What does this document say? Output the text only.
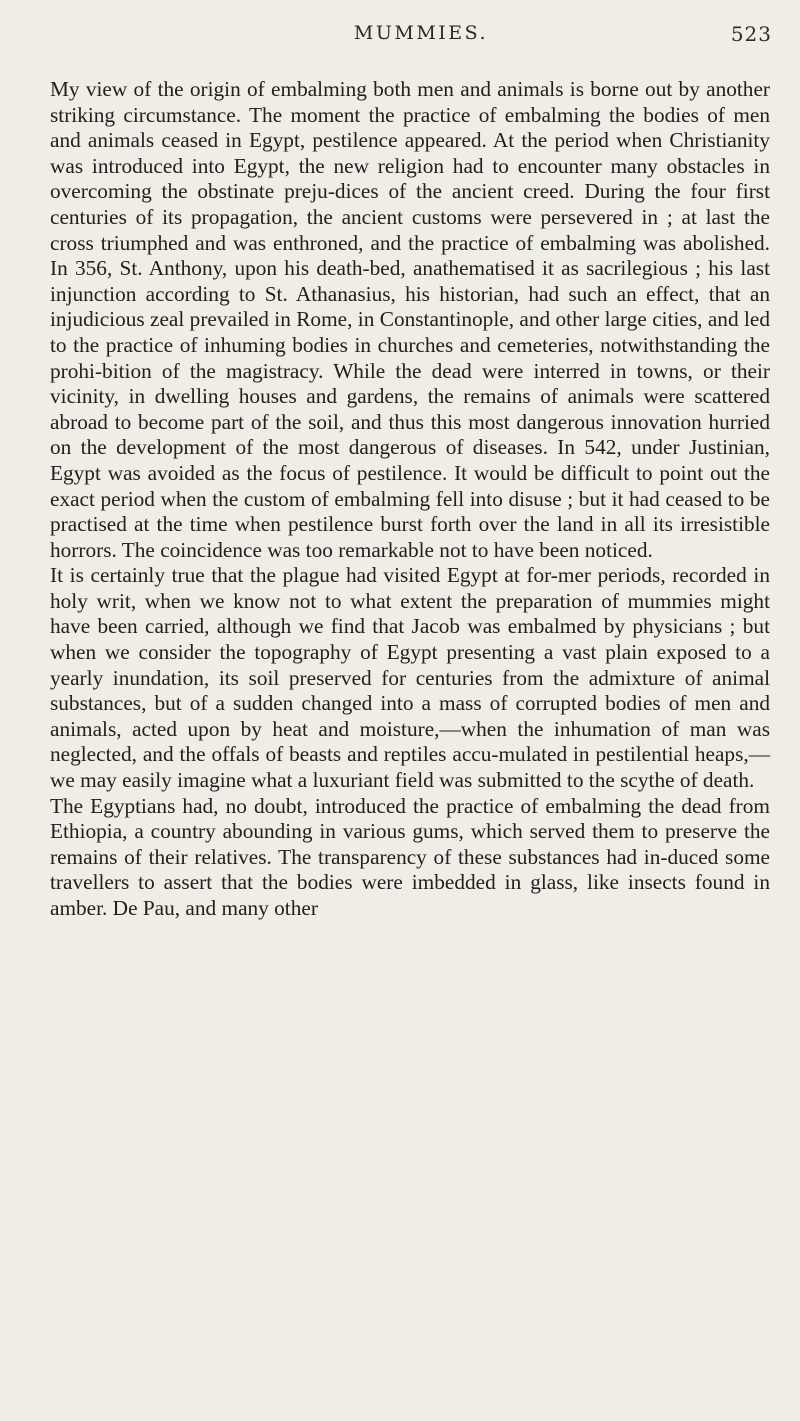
MUMMIES.	523

My view of the origin of embalming both men and animals is borne out by another striking circumstance. The moment the practice of embalming the bodies of men and animals ceased in Egypt, pestilence appeared. At the period when Christianity was introduced into Egypt, the new religion had to encounter many obstacles in overcoming the obstinate preju-dices of the ancient creed. During the four first centuries of its propagation, the ancient customs were persevered in ; at last the cross triumphed and was enthroned, and the practice of embalming was abolished. In 356, St. Anthony, upon his death-bed, anathematised it as sacrilegious ; his last injunction according to St. Athanasius, his historian, had such an effect, that an injudicious zeal prevailed in Rome, in Constantinople, and other large cities, and led to the practice of inhuming bodies in churches and cemeteries, notwithstanding the prohi-bition of the magistracy. While the dead were interred in towns, or their vicinity, in dwelling houses and gardens, the remains of animals were scattered abroad to become part of the soil, and thus this most dangerous innovation hurried on the development of the most dangerous of diseases. In 542, under Justinian, Egypt was avoided as the focus of pestilence. It would be difficult to point out the exact period when the custom of embalming fell into disuse ; but it had ceased to be practised at the time when pestilence burst forth over the land in all its irresistible horrors. The coincidence was too remarkable not to have been noticed.

It is certainly true that the plague had visited Egypt at for-mer periods, recorded in holy writ, when we know not to what extent the preparation of mummies might have been carried, although we find that Jacob was embalmed by physicians ; but when we consider the topography of Egypt presenting a vast plain exposed to a yearly inundation, its soil preserved for centuries from the admixture of animal substances, but of a sudden changed into a mass of corrupted bodies of men and animals, acted upon by heat and moisture,—when the inhumation of man was neglected, and the offals of beasts and reptiles accu-mulated in pestilential heaps,—we may easily imagine what a luxuriant field was submitted to the scythe of death.

The Egyptians had, no doubt, introduced the practice of embalming the dead from Ethiopia, a country abounding in various gums, which served them to preserve the remains of their relatives. The transparency of these substances had in-duced some travellers to assert that the bodies were imbedded in glass, like insects found in amber. De Pau, and many other
